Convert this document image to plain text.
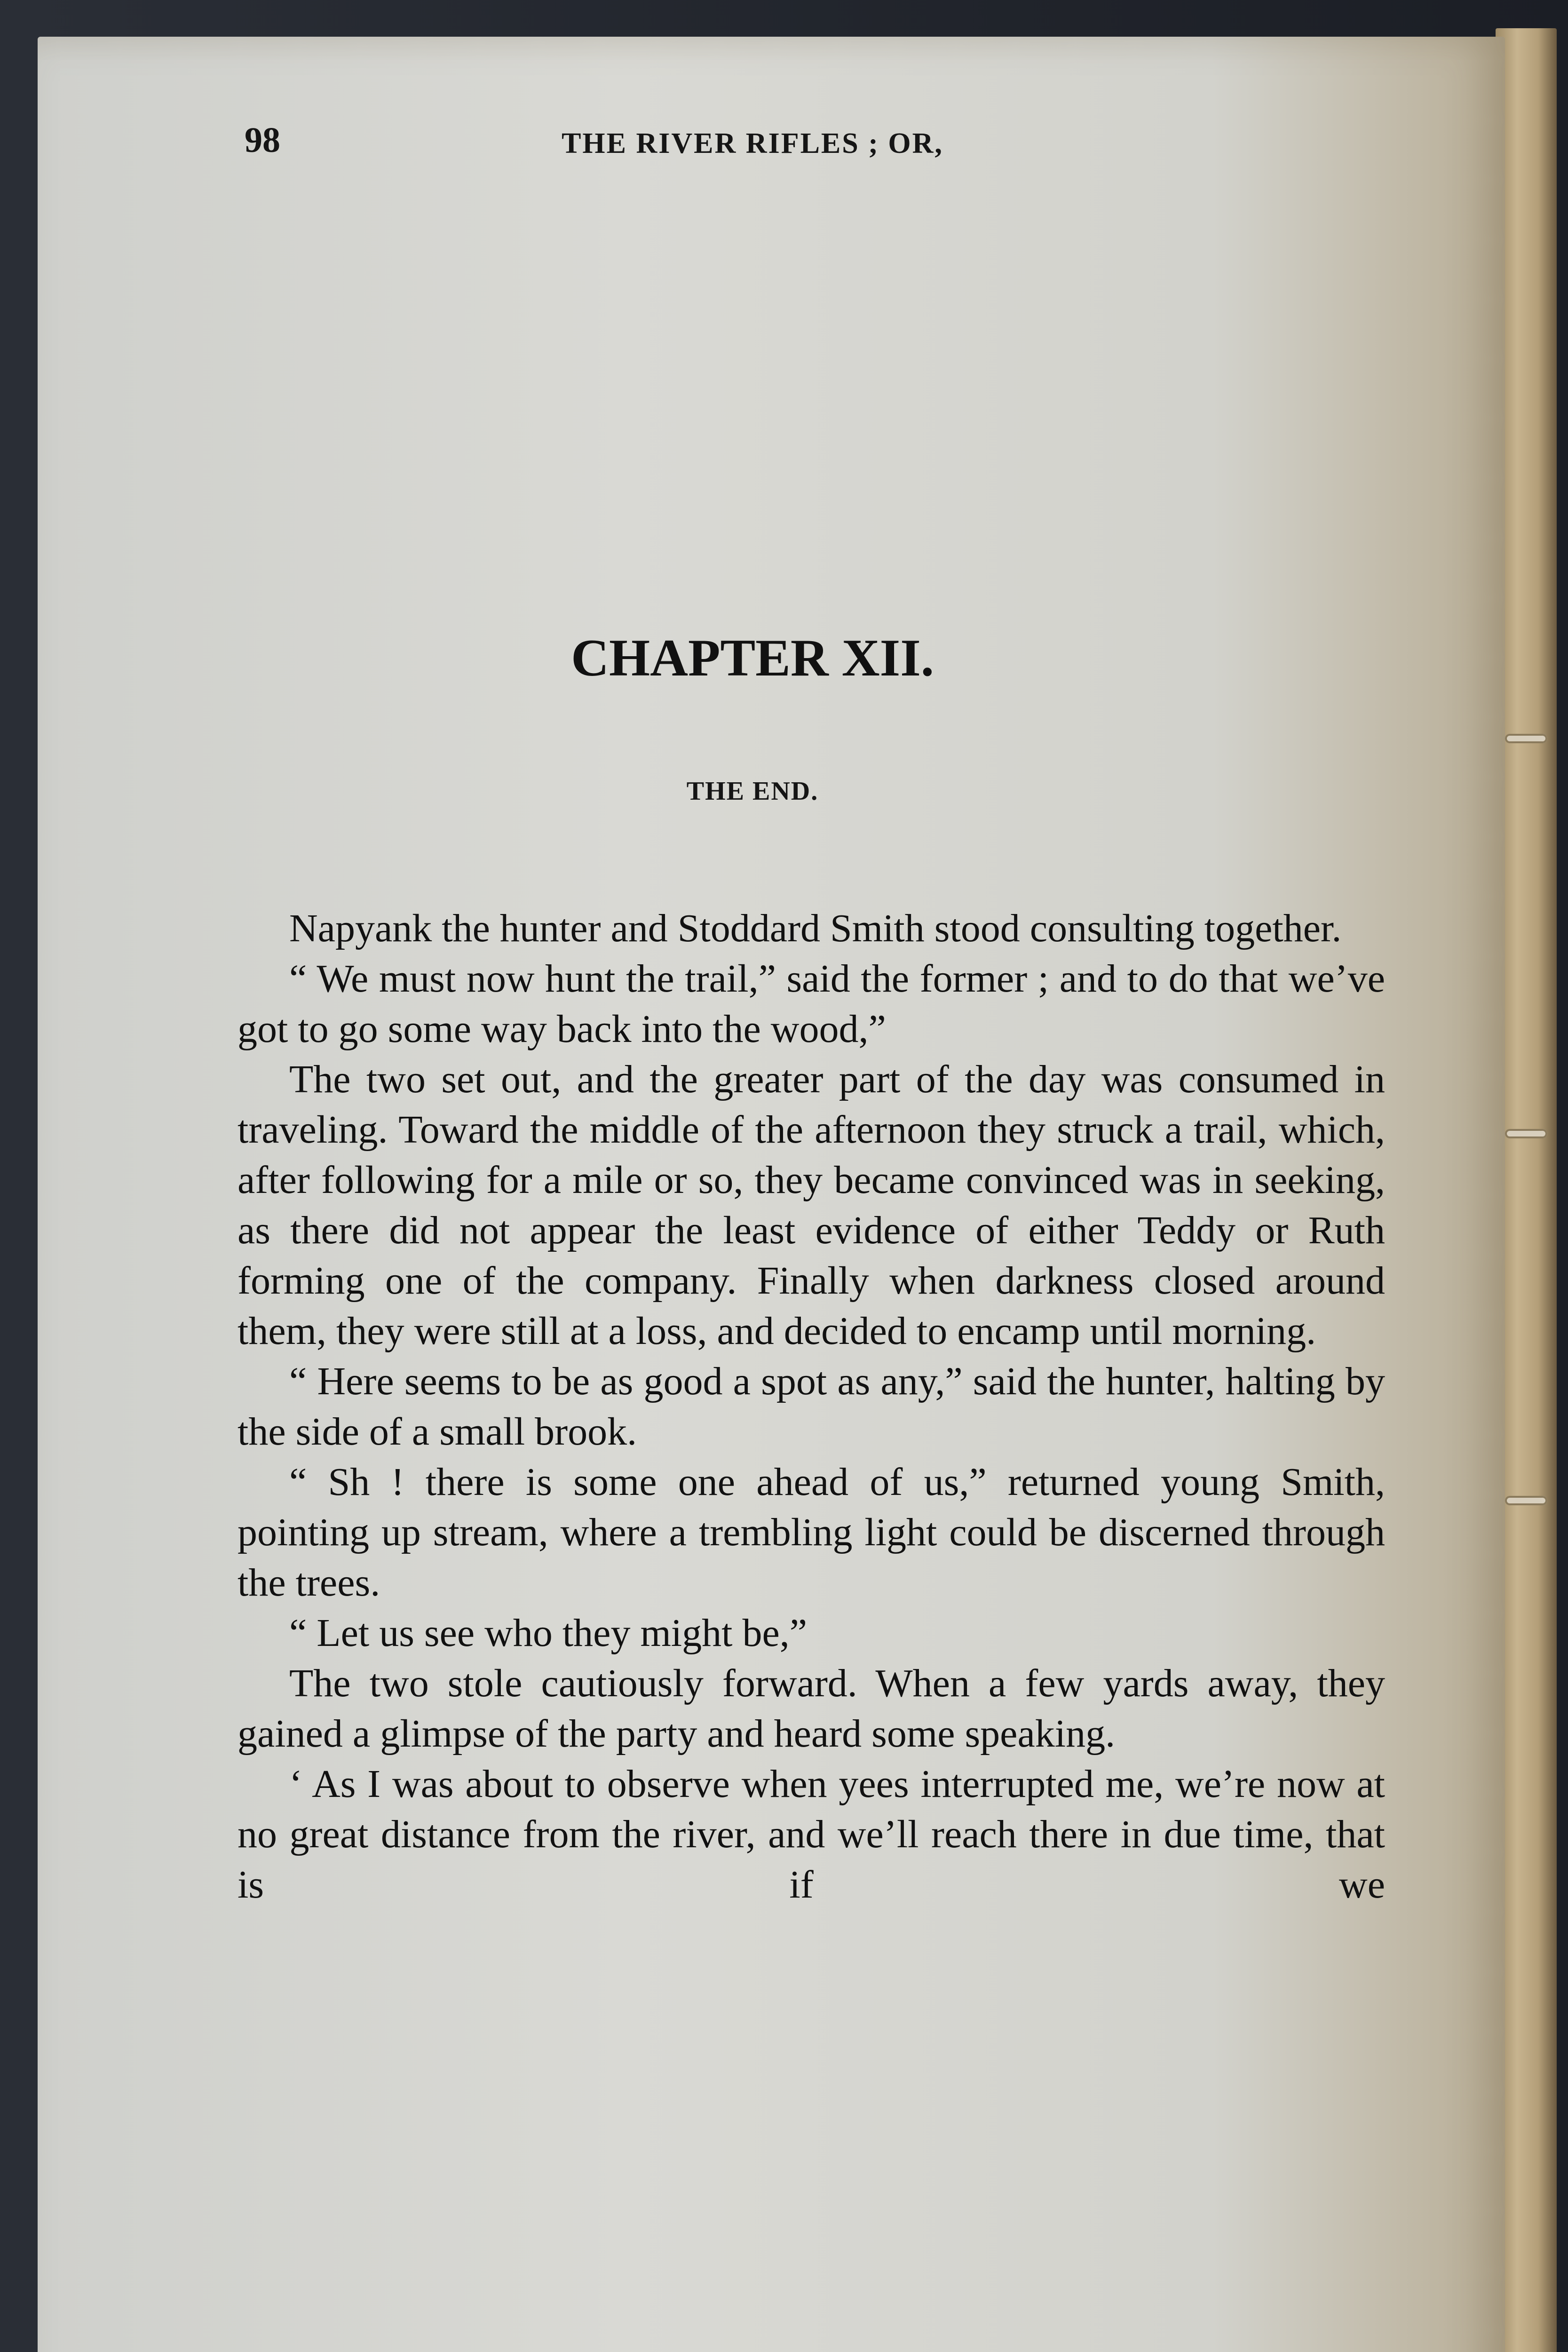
98	THE RIVER RIFLES ; OR,
CHAPTER XII.
THE END.

Napyank the hunter and Stoddard Smith stood consulting together.

“ We must now hunt the trail,” said the former ; and to do that we’ve got to go some way back into the wood,”

The two set out, and the greater part of the day was consumed in traveling. Toward the middle of the afternoon they struck a trail, which, after following for a mile or so, they became convinced was in seeking, as there did not appear the least evidence of either Teddy or Ruth forming one of the company. Finally when darkness closed around them, they were still at a loss, and decided to encamp until morning.

“ Here seems to be as good a spot as any,” said the hunter, halting by the side of a small brook.

“ Sh ! there is some one ahead of us,” returned young Smith, pointing up stream, where a trembling light could be discerned through the trees.

“ Let us see who they might be,”

The two stole cautiously forward. When a few yards away, they gained a glimpse of the party and heard some speaking.

‘ As I was about to observe when yees interrupted me, we’re now at no great distance from the river, and we’ll reach there in due time, that is if we
